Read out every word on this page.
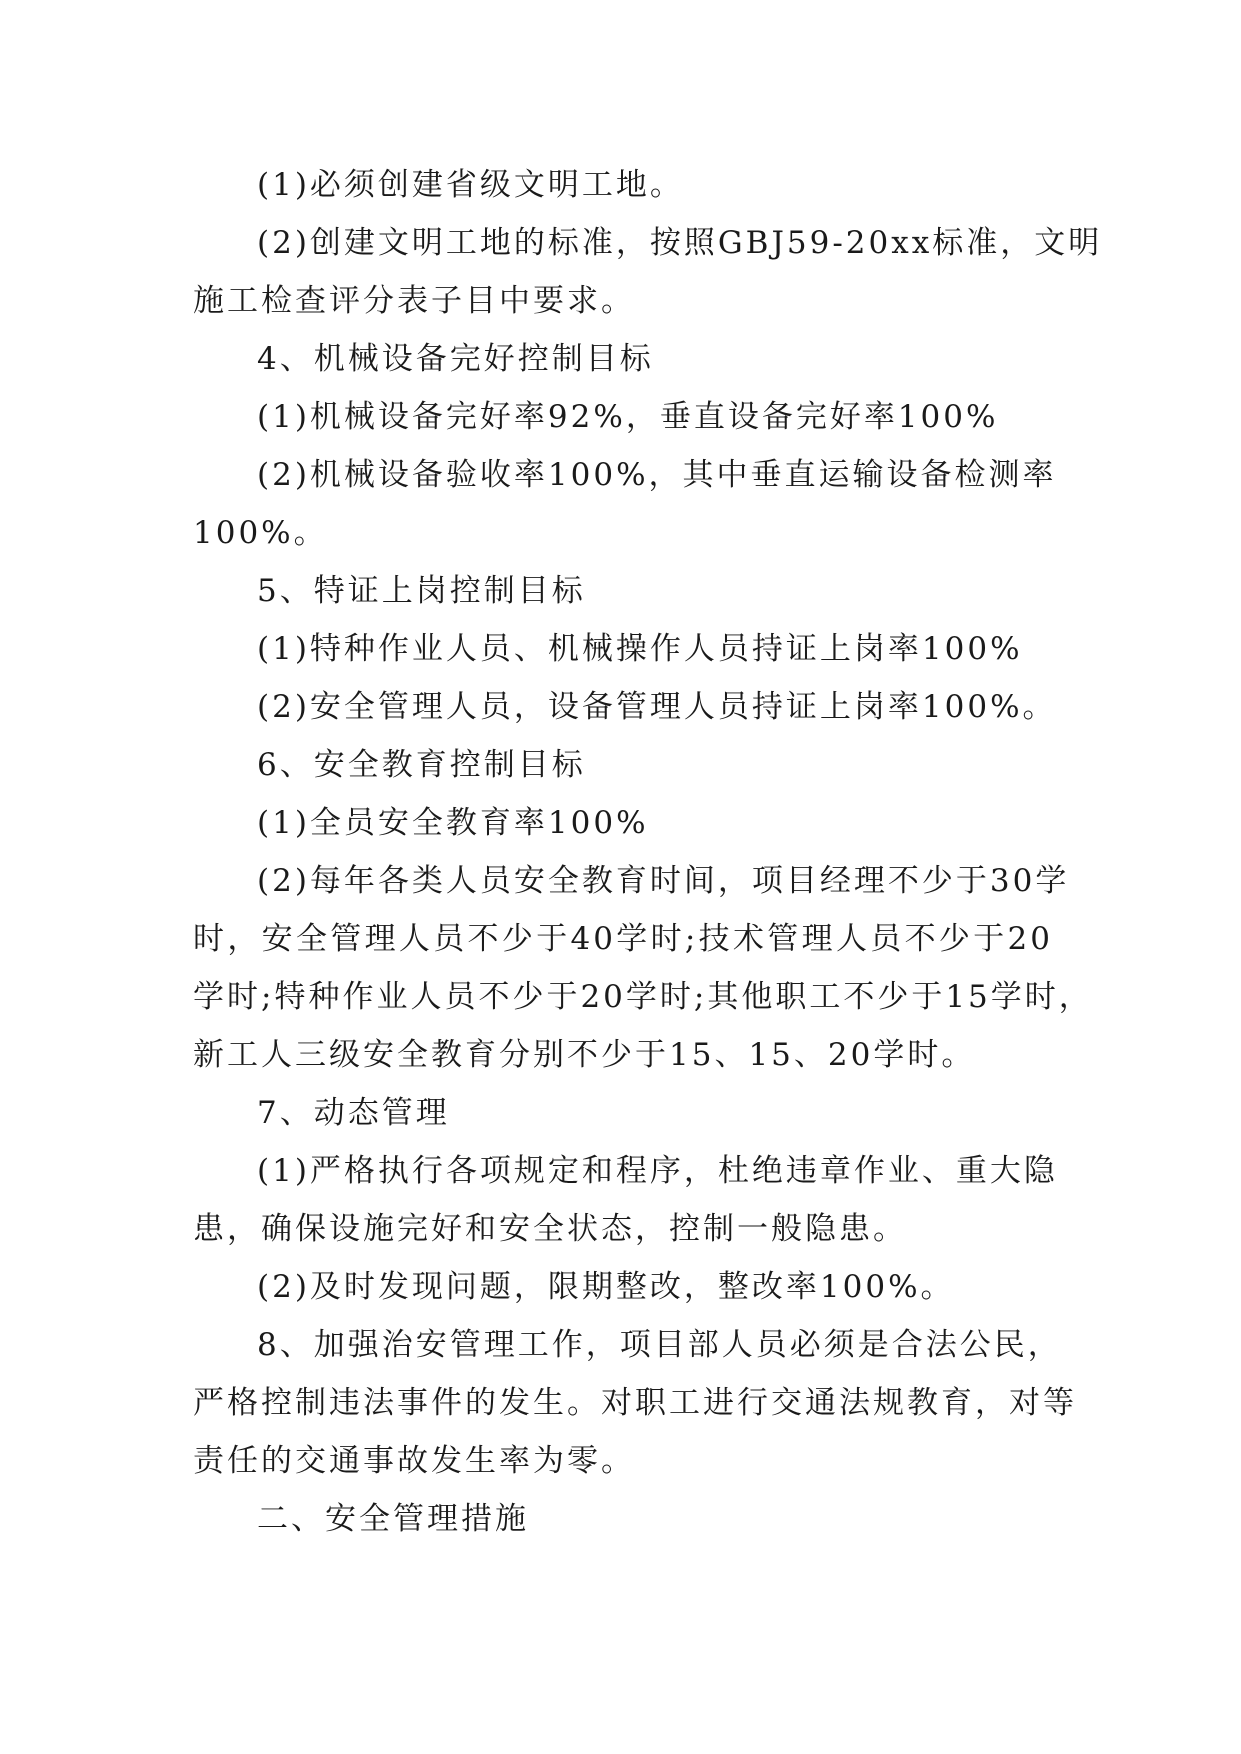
(1)必须创建省级文明工地。
(2)创建文明工地的标准，按照GBJ59-20xx标准，文明
施工检查评分表子目中要求。
4、机械设备完好控制目标
(1)机械设备完好率92%，垂直设备完好率100%
(2)机械设备验收率100%，其中垂直运输设备检测率
100%。
5、特证上岗控制目标
(1)特种作业人员、机械操作人员持证上岗率100%
(2)安全管理人员，设备管理人员持证上岗率100%。
6、安全教育控制目标
(1)全员安全教育率100%
(2)每年各类人员安全教育时间，项目经理不少于30学
时，安全管理人员不少于40学时;技术管理人员不少于20
学时;特种作业人员不少于20学时;其他职工不少于15学时，
新工人三级安全教育分别不少于15、15、20学时。
7、动态管理
(1)严格执行各项规定和程序，杜绝违章作业、重大隐
患，确保设施完好和安全状态，控制一般隐患。
(2)及时发现问题，限期整改，整改率100%。
8、加强治安管理工作，项目部人员必须是合法公民，
严格控制违法事件的发生。对职工进行交通法规教育，对等
责任的交通事故发生率为零。
二、安全管理措施
